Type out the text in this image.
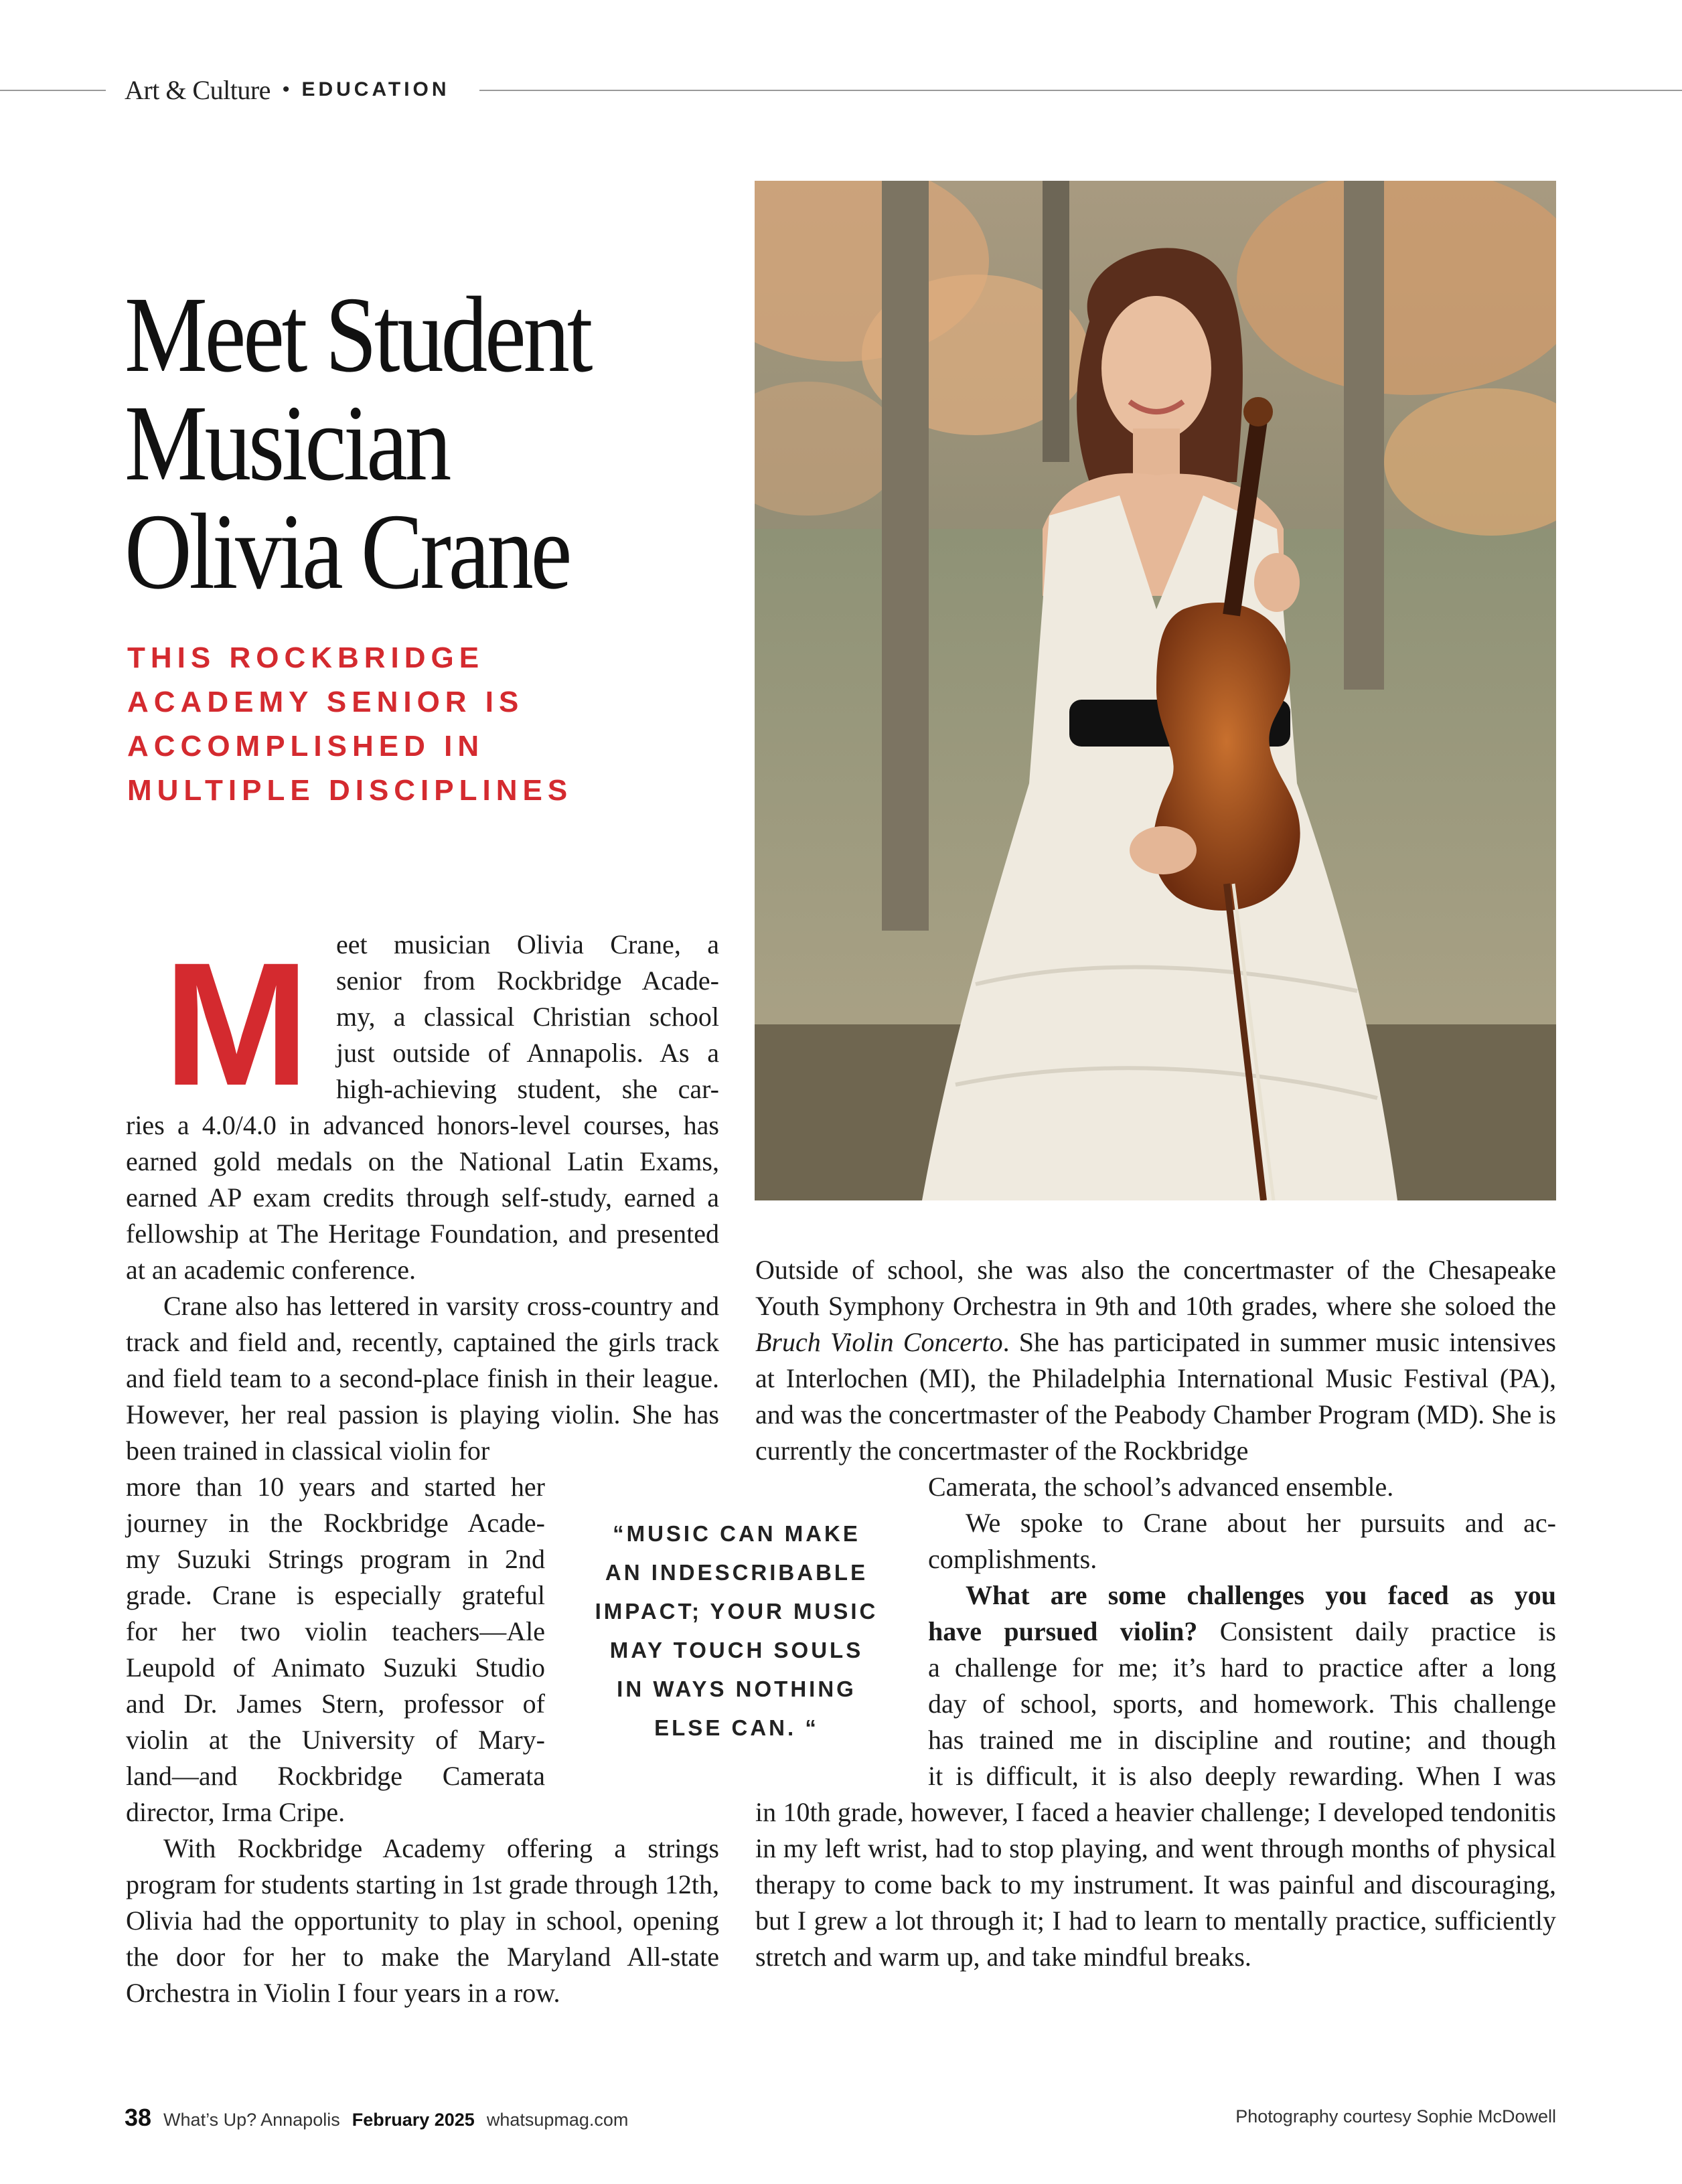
Art & Culture • EDUCATION
Meet Student
Musician
Olivia Crane
THIS ROCKBRIDGE
ACADEMY SENIOR IS
ACCOMPLISHED IN
MULTIPLE DISCIPLINES
M eet musician Olivia Crane, a
senior from Rockbridge Acade-
my, a classical Christian school
just outside of Annapolis. As a
high-achieving student, she car-

ries a 4.0/4.0 in advanced honors-level courses, has earned gold medals on the National Latin Exams, earned AP exam credits through self-study, earned a fellowship at The Heritage Foundation, and presented at an academic conference.

Crane also has lettered in varsity cross-country and track and field and, recently, captained the girls track and field team to a second-place finish in their league. However, her real passion is playing violin. She has been trained in classical violin for

more than 10 years and started her
journey in the Rockbridge Acade-
my Suzuki Strings program in 2nd
grade. Crane is especially grateful
for her two violin teachers—Ale
Leupold of Animato Suzuki Studio
and Dr. James Stern, professor of
violin at the University of Mary-
land—and Rockbridge Camerata
director, Irma Cripe.

With Rockbridge Academy offering a strings program for students starting in 1st grade through 12th, Olivia had the opportunity to play in school, opening the door for her to make the Maryland All-state Orchestra in Violin I four years in a row.

“MUSIC CAN MAKE
AN INDESCRIBABLE
IMPACT; YOUR MUSIC
MAY TOUCH SOULS
IN WAYS NOTHING
ELSE CAN. “

Outside of school, she was also the concertmaster of the Chesapeake Youth Symphony Orchestra in 9th and 10th grades, where she soloed the Bruch Violin Concerto. She has participated in summer music intensives at Interlochen (MI), the Philadelphia International Music Festival (PA), and was the concertmaster of the Peabody Chamber Program (MD). She is currently the concertmaster of the Rockbridge

Camerata, the school’s advanced ensemble.
We spoke to Crane about her pursuits and ac-
complishments.
What are some challenges you faced as you
have pursued violin? Consistent daily practice is
a challenge for me; it’s hard to practice after a long
day of school, sports, and homework. This challenge
has trained me in discipline and routine; and though
it is difficult, it is also deeply rewarding. When I was

in 10th grade, however, I faced a heavier challenge; I developed tendonitis in my left wrist, had to stop playing, and went through months of physical therapy to come back to my instrument. It was painful and discouraging, but I grew a lot through it; I had to learn to mentally practice, sufficiently stretch and warm up, and take mindful breaks.

38 What’s Up? Annapolis February 2025 whatsupmag.com	Photography courtesy Sophie McDowell
